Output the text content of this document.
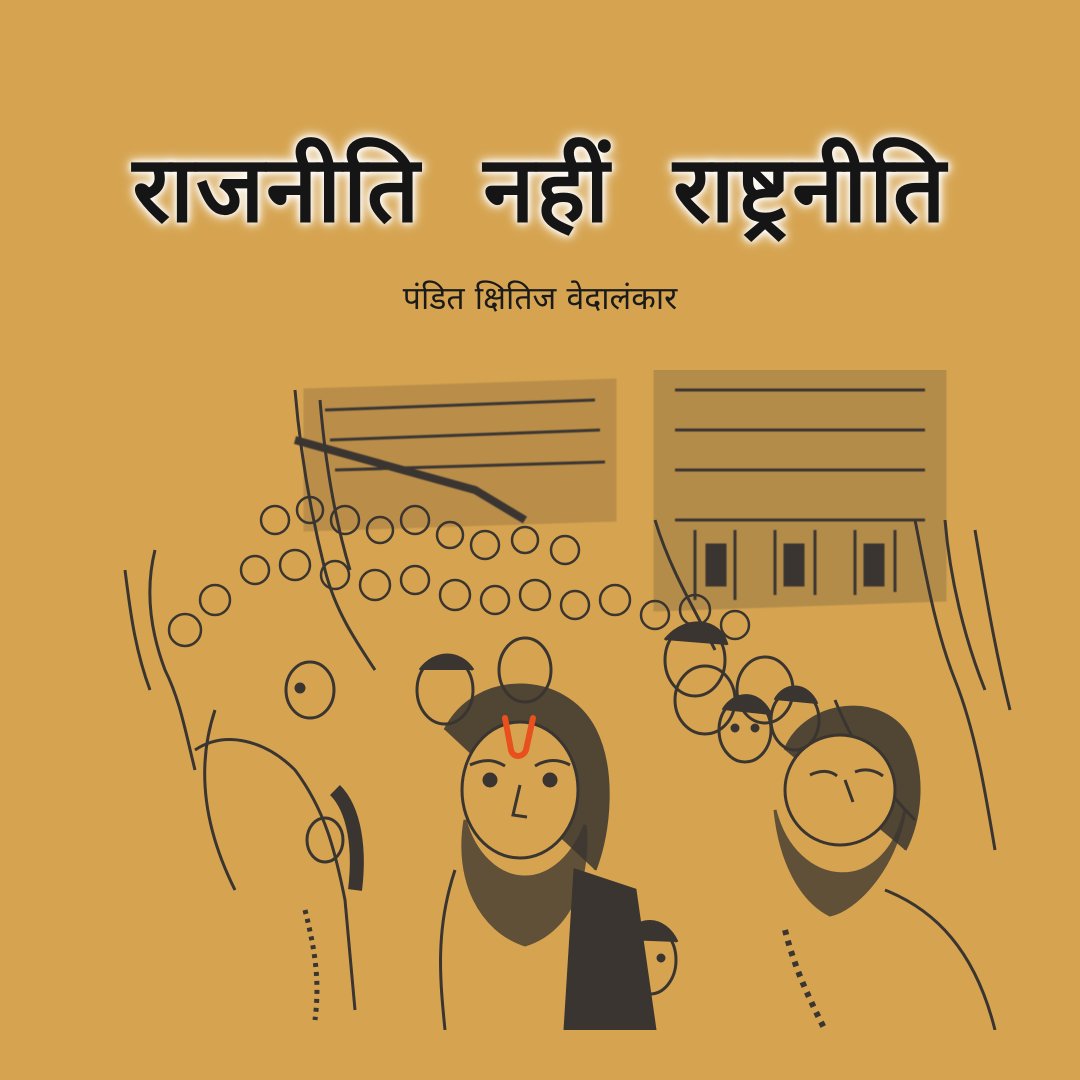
राजनीति नहीं राष्ट्रनीति
पंडित क्षितिज वेदालंकार
